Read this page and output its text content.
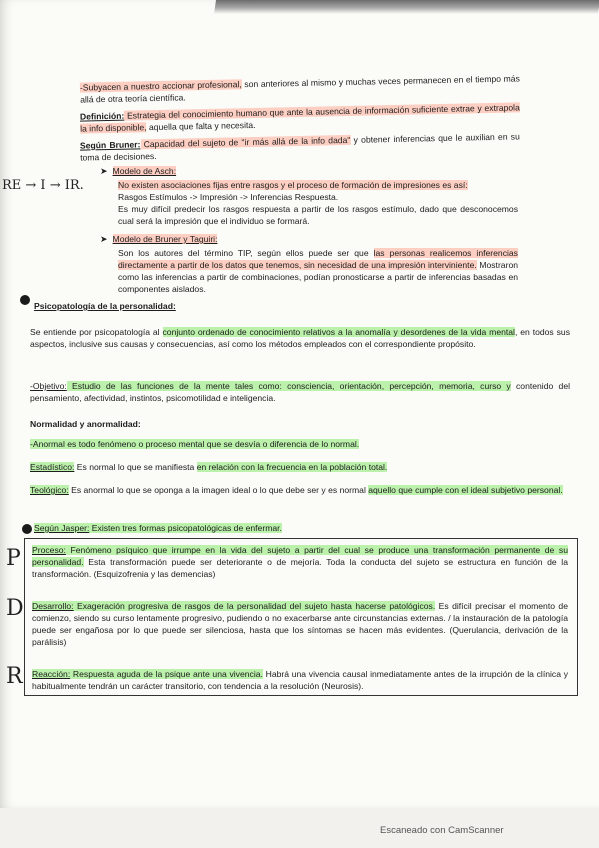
-Subyacen a nuestro accionar profesional, son anteriores al mismo y muchas veces permanecen en el tiempo más allá de otra teoría científica.

Definición: Estrategia del conocimiento humano que ante la ausencia de información suficiente extrae y extrapola la info disponible, aquella que falta y necesita.

Según Bruner: Capacidad del sujeto de "ir más allá de la info dada" y obtener inferencias que le auxilian en su toma de decisiones.

➤  Modelo de Asch:

No existen asociaciones fijas entre rasgos y el proceso de formación de impresiones es así:
Rasgos Estímulos -> Impresión -> Inferencias Respuesta.
Es muy difícil predecir los rasgos respuesta a partir de los rasgos estímulo, dado que desconocemos cual será la impresión que el individuo se formará.

➤  Modelo de Bruner y Taguiri:

Son los autores del término TIP, según ellos puede ser que las personas realicemos inferencias directamente a partir de los datos que tenemos, sin necesidad de una impresión interviniente. Mostraron como las inferencias a partir de combinaciones, podían pronosticarse a partir de inferencias basadas en componentes aislados.

RE → I → IR.

Psicopatología de la personalidad:

Se entiende por psicopatología al conjunto ordenado de conocimiento relativos a la anomalía y desordenes de la vida mental, en todos sus aspectos, inclusive sus causas y consecuencias, así como los métodos empleados con el correspondiente propósito.

-Objetivo: Estudio de las funciones de la mente tales como: consciencia, orientación, percepción, memoria, curso y contenido del pensamiento, afectividad, instintos, psicomotilidad e inteligencia.

Normalidad y anormalidad:

-Anormal es todo fenómeno o proceso mental que se desvía o diferencia de lo normal.

Estadístico: Es normal lo que se manifiesta en relación con la frecuencia en la población total.

Teológico: Es anormal lo que se oponga a la imagen ideal o lo que debe ser y es normal aquello que cumple con el ideal subjetivo personal.

Según Jasper: Existen tres formas psicopatológicas de enfermar.

Proceso: Fenómeno psíquico que irrumpe en la vida del sujeto a partir del cual se produce una transformación permanente de su personalidad. Esta transformación puede ser deteriorante o de mejoría. Toda la conducta del sujeto se estructura en función de la transformación. (Esquizofrenia y las demencias)

Desarrollo: Exageración progresiva de rasgos de la personalidad del sujeto hasta hacerse patológicos. Es difícil precisar el momento de comienzo, siendo su curso lentamente progresivo, pudiendo o no exacerbarse ante circunstancias externas. / la instauración de la patología puede ser engañosa por lo que puede ser silenciosa, hasta que los síntomas se hacen más evidentes. (Querulancia, derivación de la parálisis)

Reacción: Respuesta aguda de la psique ante una vivencia. Habrá una vivencia causal inmediatamente antes de la irrupción de la clínica y habitualmente tendrán un carácter transitorio, con tendencia a la resolución (Neurosis).

P
D
R
Escaneado con CamScanner
